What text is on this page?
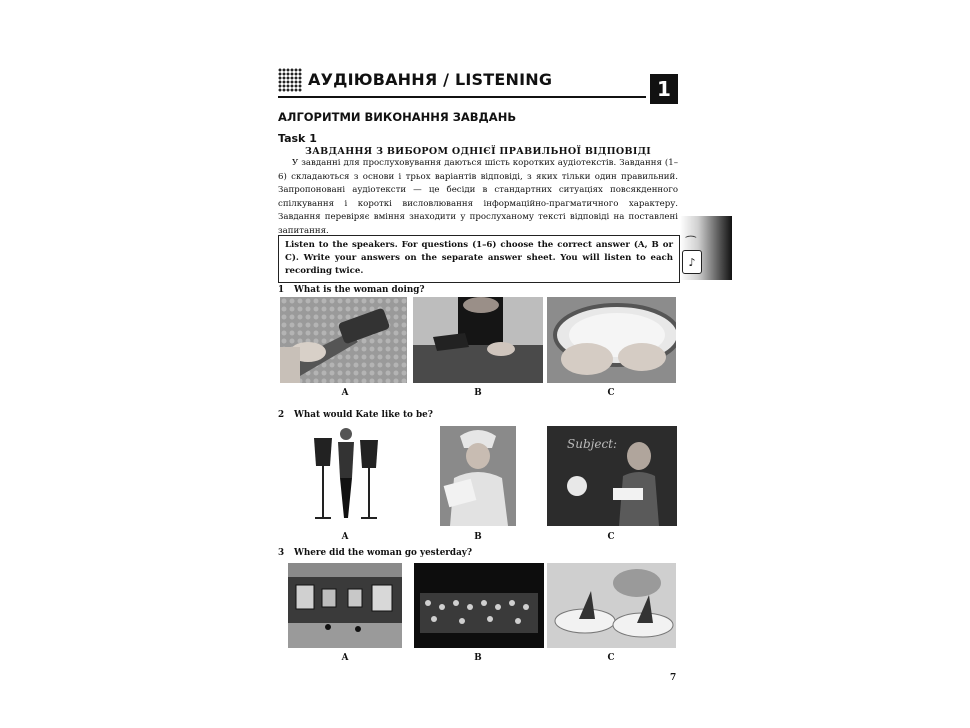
АУДІЮВАННЯ / LISTENING	1
⁀
♪
АЛГОРИТМИ ВИКОНАННЯ ЗАВДАНЬ
Task 1
ЗАВДАННЯ З ВИБОРОМ ОДНІЄЇ ПРАВИЛЬНОЇ ВІДПОВІДІ
У завданні для прослуховування даються шість коротких аудіотекстів. Завдання (1–6) складаються з основи і трьох варіантів відповіді, з яких тільки один правильний. Запропоновані аудіотексти — це бесіди в стандартних ситуаціях повсякденного спілкування і короткі висловлювання інформаційно-прагматичного характеру. Завдання перевіряє вміння знаходити у прослуханому тексті відповіді на поставлені запитання.
Listen to the speakers. For questions (1–6) choose the correct answer (A, B or C). Write your answers on the separate answer sheet. You will listen to each recording twice.
1 What is the woman doing?
A	B	C
2 What would Kate like to be?
Subject:
A	B	C
3 Where did the woman go yesterday?
A	B	C
7
